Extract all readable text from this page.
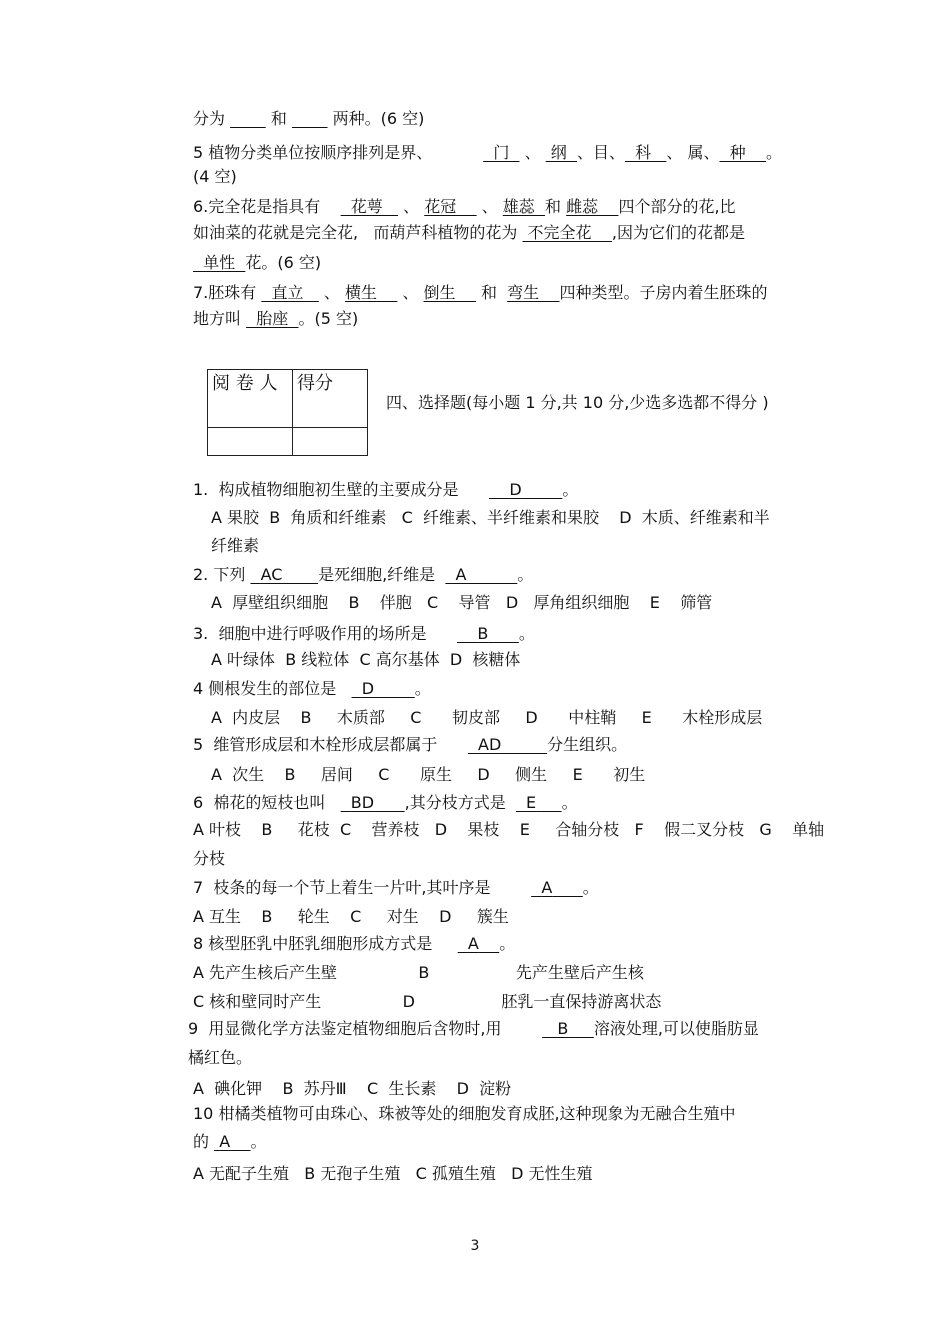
分为	和	两种。(6 空)
5 植物分类单位按顺序排列是界、	门   、  纲  、目、  科   、 属、  种    。
(4 空)
6.完全花是指具有      花萼    、 花冠     、 雄蕊  和 雌蕊    四个部分的花,比
如油菜的花就是完全花,   而葫芦科植物的花为  不完全花    ,因为它们的花都是
单性  花。(6 空)
7.胚珠有   直立    、 横生     、 倒生     和  弯生    四种类型。子房内着生胚珠的
地方叫   胎座  。(5 空)
阅 卷 人	得分

四、选择题(每小题 1 分,共 10 分,少选多选都不得分 )
1.  构成植物细胞初生壁的主要成分是	D	。
A 果胶  B  角质和纤维素   C  纤维素、半纤维素和果胶    D  木质、纤维素和半
纤维素
2. 下列 AC 是死细胞,纤维是 A	。
A  厚壁组织细胞    B    伴胞   C    导管   D   厚角组织细胞    E    筛管
3.  细胞中进行呼吸作用的场所是	B 。
A 叶绿体  B 线粒体  C 高尔基体  D  核糖体
4 侧根发生的部位是 D	。
A  内皮层    B     木质部     C      韧皮部     D      中柱鞘     E      木栓形成层
5  维管形成层和木栓形成层都属于	AD	分生组织。
A  次生    B     居间     C      原生     D     侧生     E      初生
6  棉花的短枝也叫 BD ,其分枝方式是 E 。
A 叶枝    B     花枝  C    营养枝   D    果枝    E     合轴分枝   F    假二叉分枝   G    单轴
分枝
7  枝条的每一个节上着生一片叶,其叶序是	A 。
A 互生    B     轮生    C     对生    D     簇生
8 核型胚乳中胚乳细胞形成方式是 A 。
A 先产生核后产生壁                B                 先产生壁后产生核
C 核和壁同时产生                D                 胚乳一直保持游离状态
9  用显微化学方法鉴定植物细胞后含物时,用	B 溶液处理,可以使脂肪显
橘红色。
A  碘化钾    B  苏丹Ⅲ    C  生长素    D  淀粉
10 柑橘类植物可由珠心、珠被等处的细胞发育成胚,这种现象为无融合生殖中
的 A 。
A 无配子生殖   B 无孢子生殖   C 孤殖生殖   D 无性生殖
3
